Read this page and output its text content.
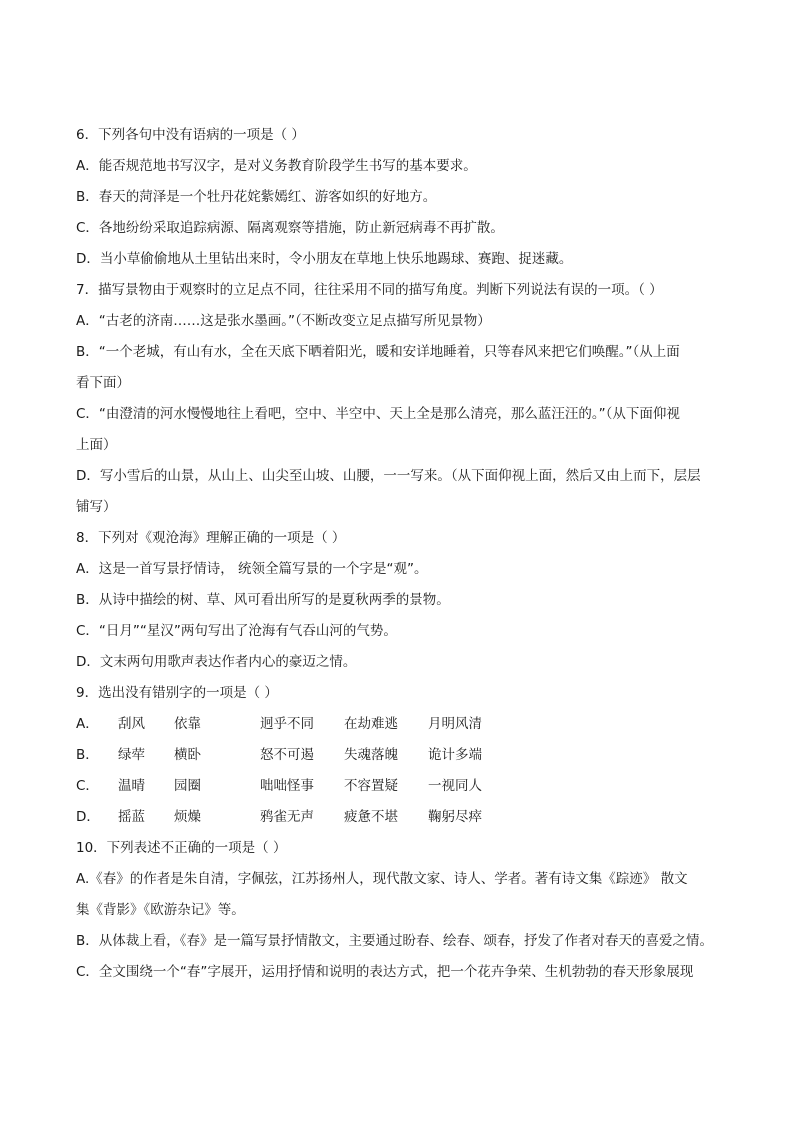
6．下列各句中没有语病的一项是（ ）
A．能否规范地书写汉字，是对义务教育阶段学生书写的基本要求。
B．春天的菏泽是一个牡丹花姹紫嫣红、游客如织的好地方。
C．各地纷纷采取追踪病源、隔离观察等措施，防止新冠病毒不再扩散。
D．当小草偷偷地从土里钻出来时，令小朋友在草地上快乐地踢球、赛跑、捉迷藏。
7．描写景物由于观察时的立足点不同，往往采用不同的描写角度。判断下列说法有误的一项。（ ）
A．“古老的济南……这是张水墨画。”（不断改变立足点描写所见景物）
B．“一个老城，有山有水，全在天底下晒着阳光，暖和安详地睡着，只等春风来把它们唤醒。”（从上面
看下面）
C．“由澄清的河水慢慢地往上看吧，空中、半空中、天上全是那么清亮，那么蓝汪汪的。”（从下面仰视
上面）
D．写小雪后的山景，从山上、山尖至山坡、山腰，一一写来。（从下面仰视上面，然后又由上而下，层层
铺写）
8．下列对《观沧海》理解正确的一项是（ ）
A．这是一首写景抒情诗， 统领全篇写景的一个字是“观”。
B．从诗中描绘的树、草、风可看出所写的是夏秋两季的景物。
C．“日月”“星汉”两句写出了沧海有气吞山河的气势。
D．文末两句用歌声表达作者内心的豪迈之情。
9．选出没有错别字的一项是（ ）
A．	刮风	依靠	迥乎不同	在劫难逃	月明风清
B．	绿荦	横卧	怒不可遏	失魂落魄	诡计多端
C．	温晴	园圈	咄咄怪事	不容置疑	一视同人
D．	摇蓝	烦燥	鸦雀无声	疲惫不堪	鞠躬尽瘁
10．下列表述不正确的一项是（ ）
A.《春》的作者是朱自清，字佩弦，江苏扬州人，现代散文家、诗人、学者。著有诗文集《踪迹》 散文
集《背影》《欧游杂记》等。
B．从体裁上看，《春》是一篇写景抒情散文，主要通过盼春、绘春、颂春，抒发了作者对春天的喜爱之情。
C．全文围绕一个“春”字展开，运用抒情和说明的表达方式，把一个花卉争荣、生机勃勃的春天形象展现
